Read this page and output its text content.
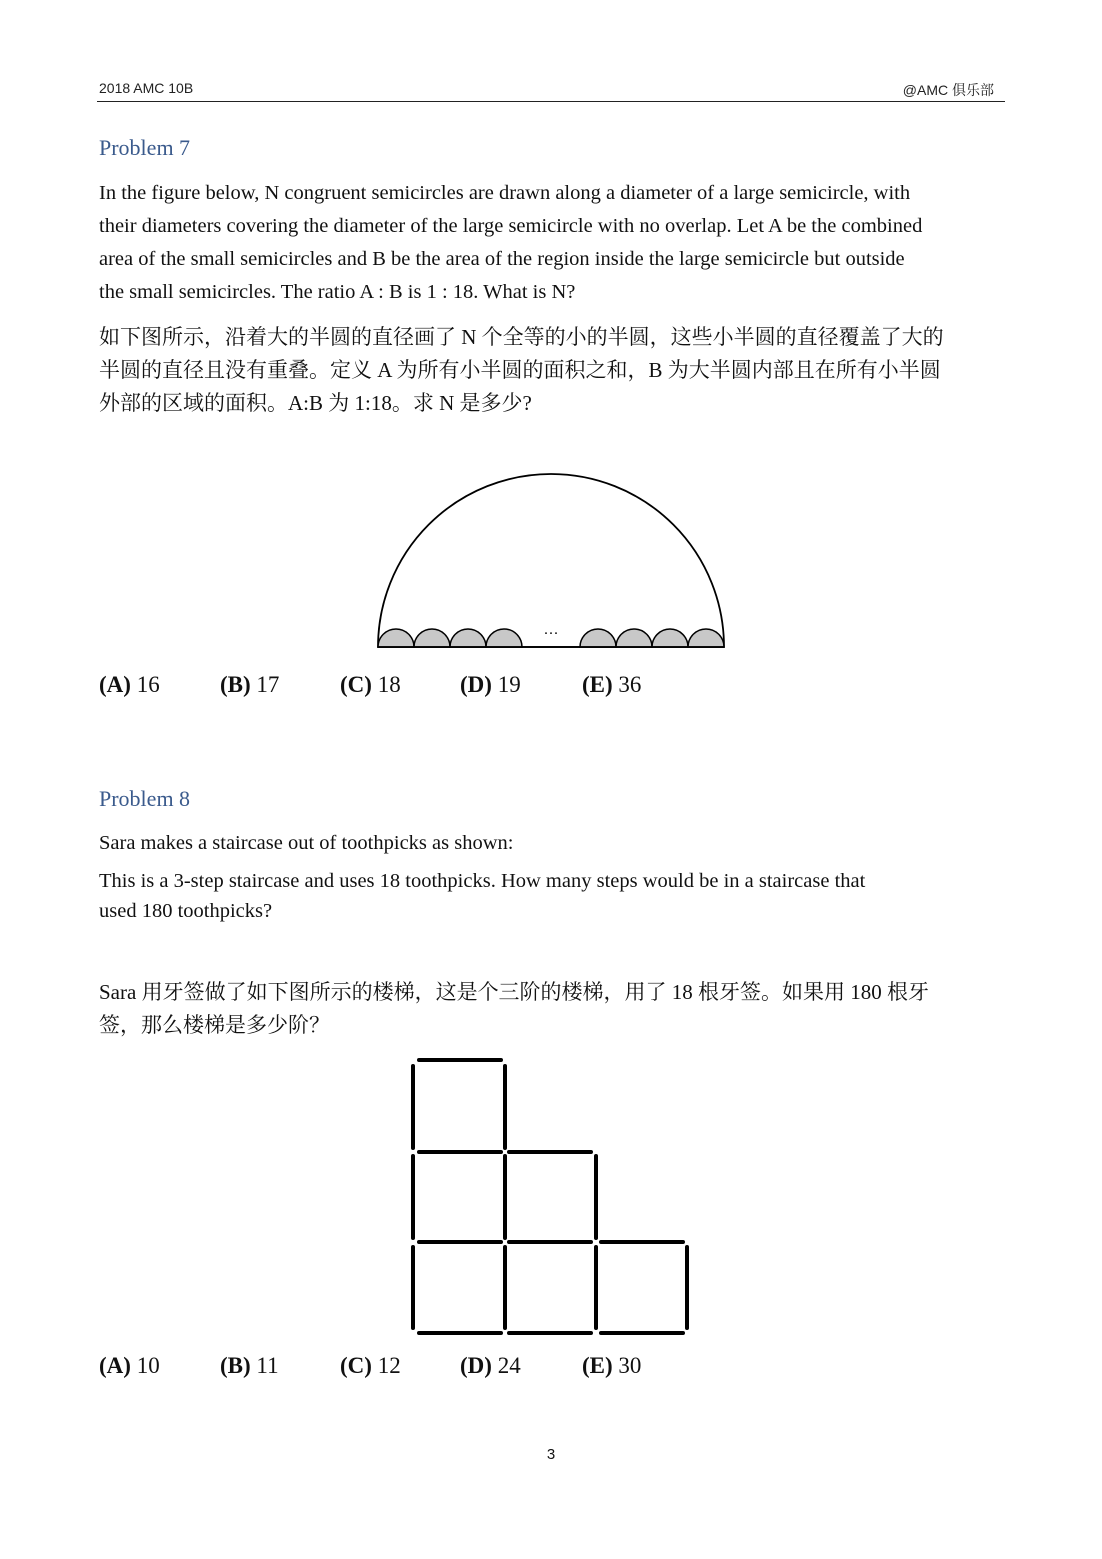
2018 AMC 10B	@AMC 俱乐部
Problem 7
In the figure below, N congruent semicircles are drawn along a diameter of a large semicircle, with
their diameters covering the diameter of the large semicircle with no overlap. Let A be the combined
area of the small semicircles and B be the area of the region inside the large semicircle but outside
the small semicircles. The ratio A : B is 1 : 18. What is N?
如下图所示，沿着大的半圆的直径画了 N 个全等的小的半圆，这些小半圆的直径覆盖了大的
半圆的直径且没有重叠。定义 A 为所有小半圆的面积之和，B 为大半圆内部且在所有小半圆
外部的区域的面积。A:B 为 1:18。求 N 是多少?
···
(A) 16	(B) 17	(C) 18	(D) 19	(E) 36
Problem 8
Sara makes a staircase out of toothpicks as shown:
This is a 3-step staircase and uses 18 toothpicks. How many steps would be in a staircase that
used 180 toothpicks?
Sara 用牙签做了如下图所示的楼梯，这是个三阶的楼梯，用了 18 根牙签。如果用 180 根牙
签，那么楼梯是多少阶？
(A) 10	(B) 11	(C) 12	(D) 24	(E) 30
3
